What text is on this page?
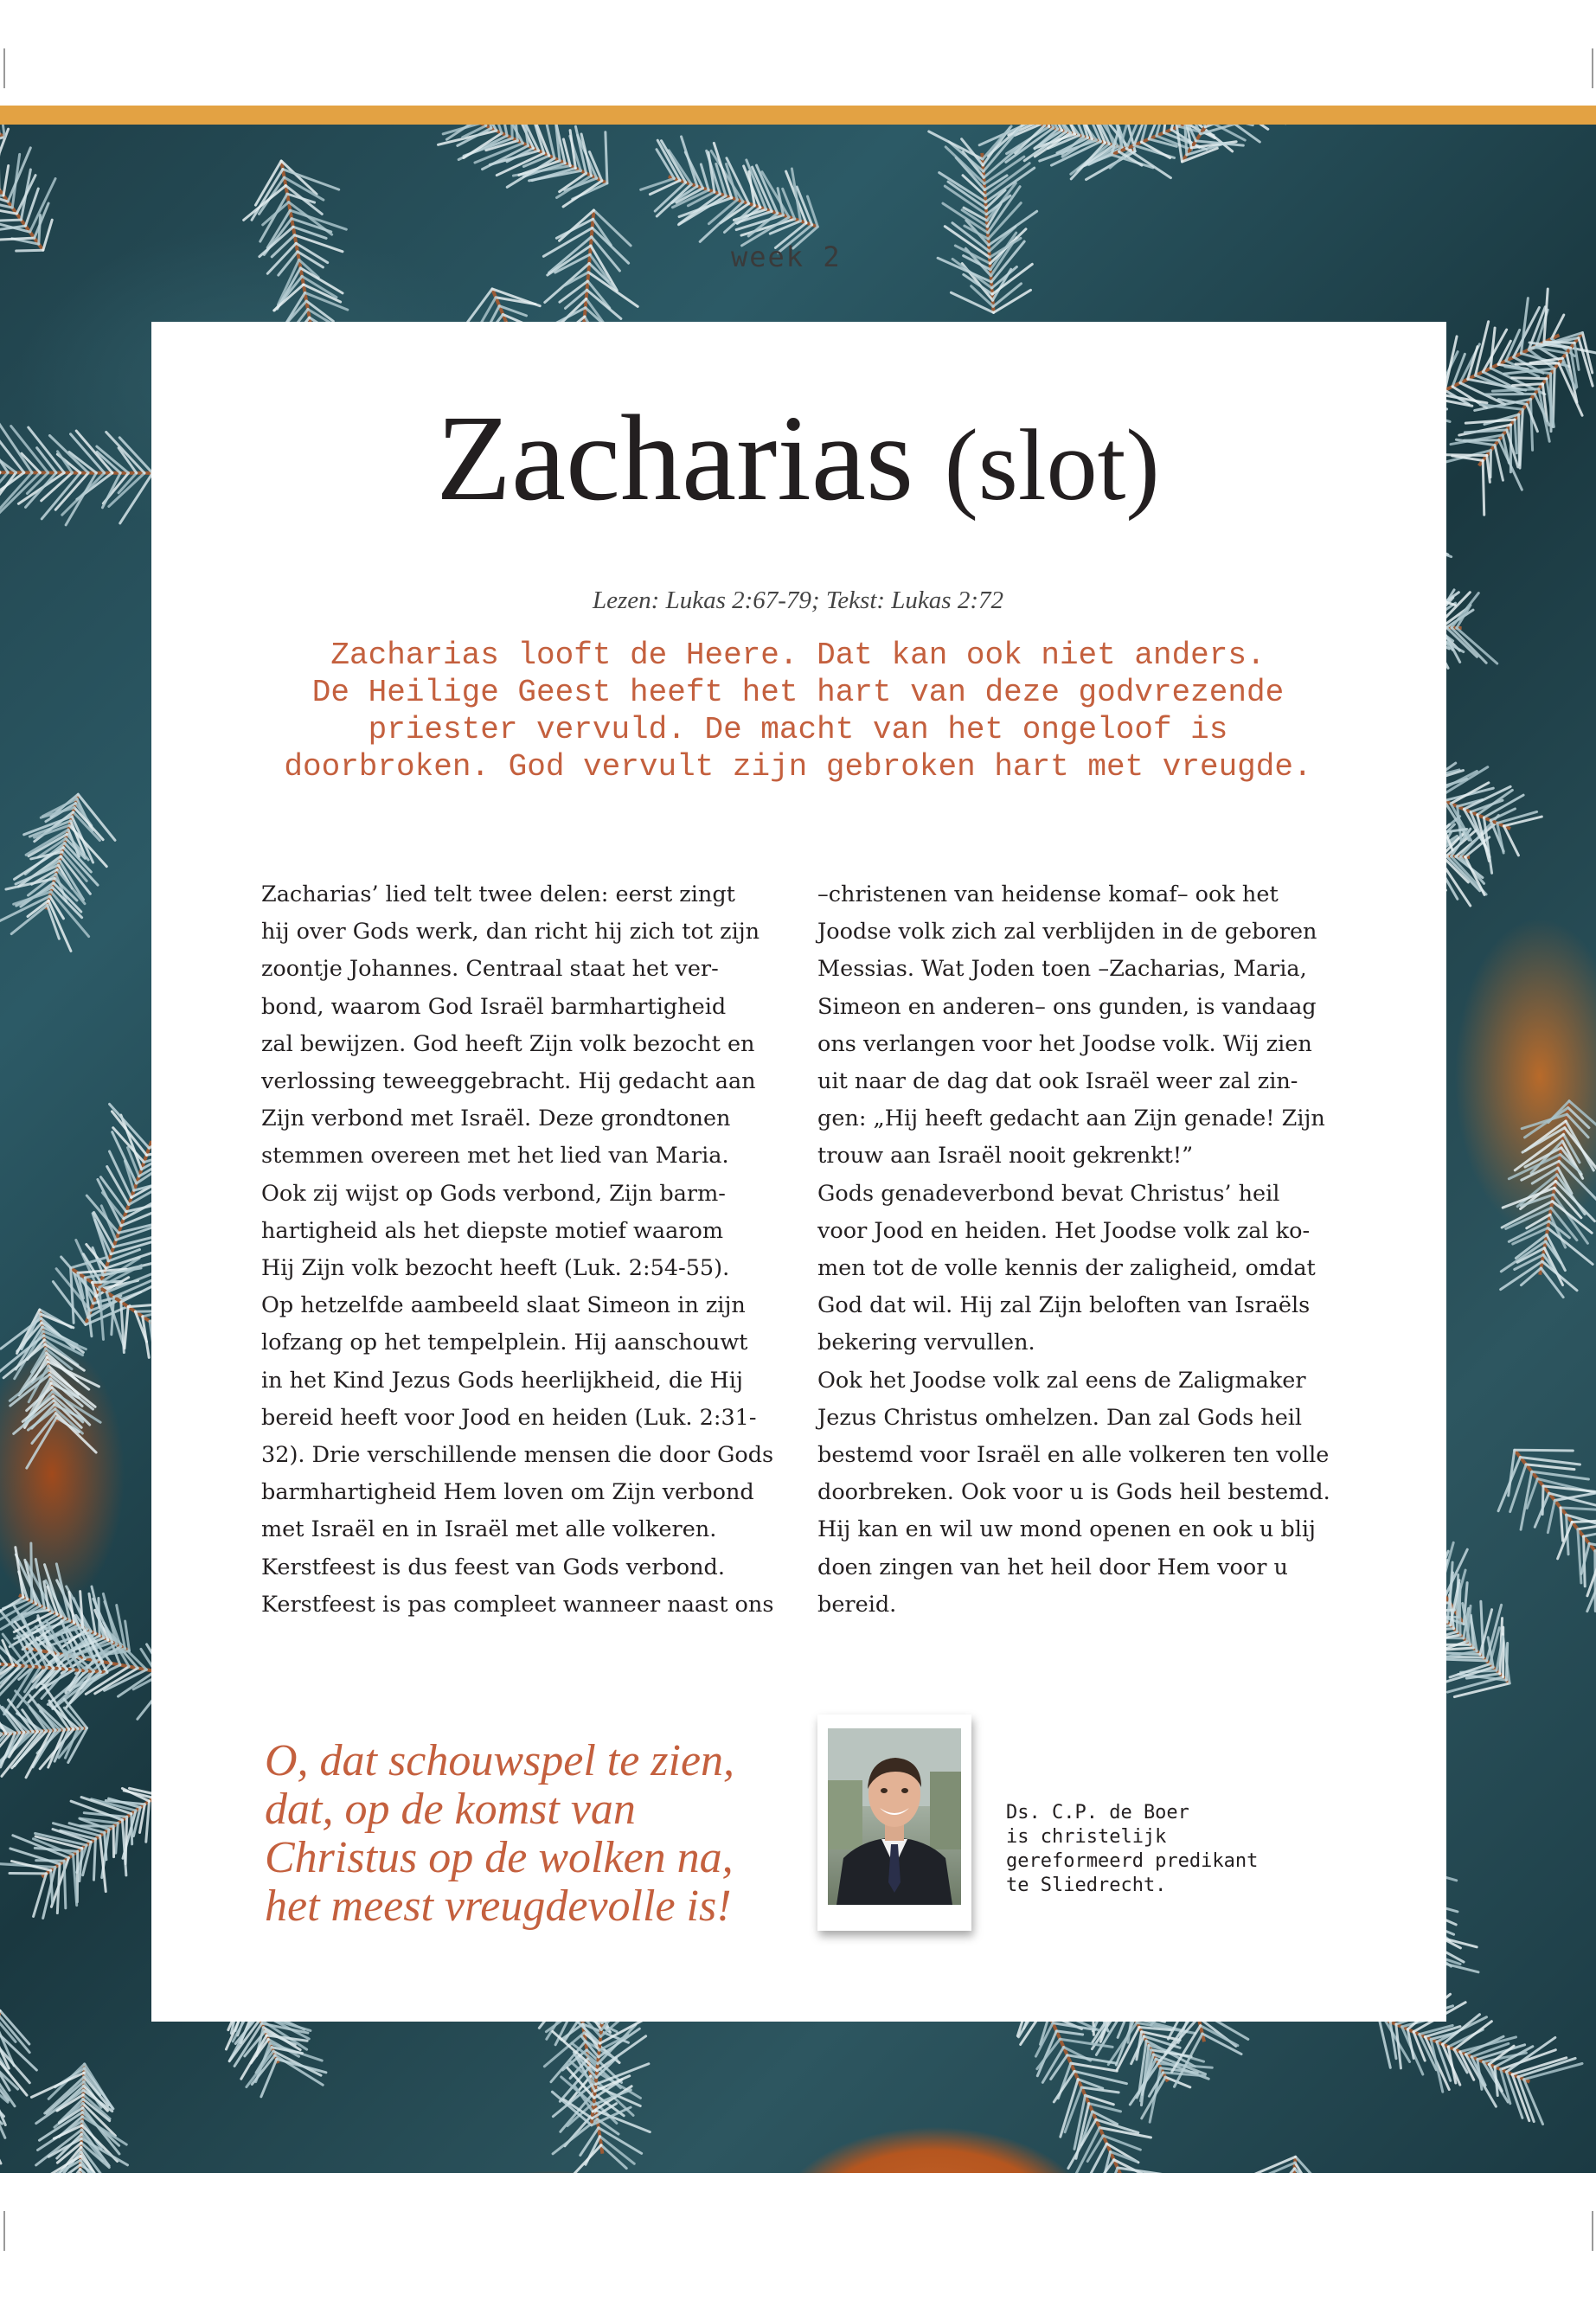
week 2
Zacharias (slot)
Lezen: Lukas 2:67-79; Tekst: Lukas 2:72
Zacharias looft de Heere. Dat kan ook niet anders.
De Heilige Geest heeft het hart van deze godvrezende
priester vervuld. De macht van het ongeloof is
doorbroken. God vervult zijn gebroken hart met vreugde.
Zacharias’ lied telt twee delen: eerst zingt
hij over Gods werk, dan richt hij zich tot zijn
zoontje Johannes. Centraal staat het ver-
bond, waarom God Israël barmhartigheid
zal bewijzen. God heeft Zijn volk bezocht en
verlossing teweeggebracht. Hij gedacht aan
Zijn verbond met Israël. Deze grondtonen
stemmen overeen met het lied van Maria.
Ook zij wijst op Gods verbond, Zijn barm-
hartigheid als het diepste motief waarom
Hij Zijn volk bezocht heeft (Luk. 2:54-55).
Op hetzelfde aambeeld slaat Simeon in zijn
lofzang op het tempelplein. Hij aanschouwt
in het Kind Jezus Gods heerlijkheid, die Hij
bereid heeft voor Jood en heiden (Luk. 2:31-
32). Drie verschillende mensen die door Gods
barmhartigheid Hem loven om Zijn verbond
met Israël en in Israël met alle volkeren.
Kerstfeest is dus feest van Gods verbond.
Kerstfeest is pas compleet wanneer naast ons
–christenen van heidense komaf– ook het
Joodse volk zich zal verblijden in de geboren
Messias. Wat Joden toen –Zacharias, Maria,
Simeon en anderen– ons gunden, is vandaag
ons verlangen voor het Joodse volk. Wij zien
uit naar de dag dat ook Israël weer zal zin-
gen: „Hij heeft gedacht aan Zijn genade! Zijn
trouw aan Israël nooit gekrenkt!”
Gods genadeverbond bevat Christus’ heil
voor Jood en heiden. Het Joodse volk zal ko-
men tot de volle kennis der zaligheid, omdat
God dat wil. Hij zal Zijn beloften van Israëls
bekering vervullen.
Ook het Joodse volk zal eens de Zaligmaker
Jezus Christus omhelzen. Dan zal Gods heil
bestemd voor Israël en alle volkeren ten volle
doorbreken. Ook voor u is Gods heil bestemd.
Hij kan en wil uw mond openen en ook u blij
doen zingen van het heil door Hem voor u
bereid.
O, dat schouwspel te zien,
dat, op de komst van
Christus op de wolken na,
het meest vreugdevolle is!
Ds. C.P. de Boer
is christelijk
gereformeerd predikant
te Sliedrecht.
